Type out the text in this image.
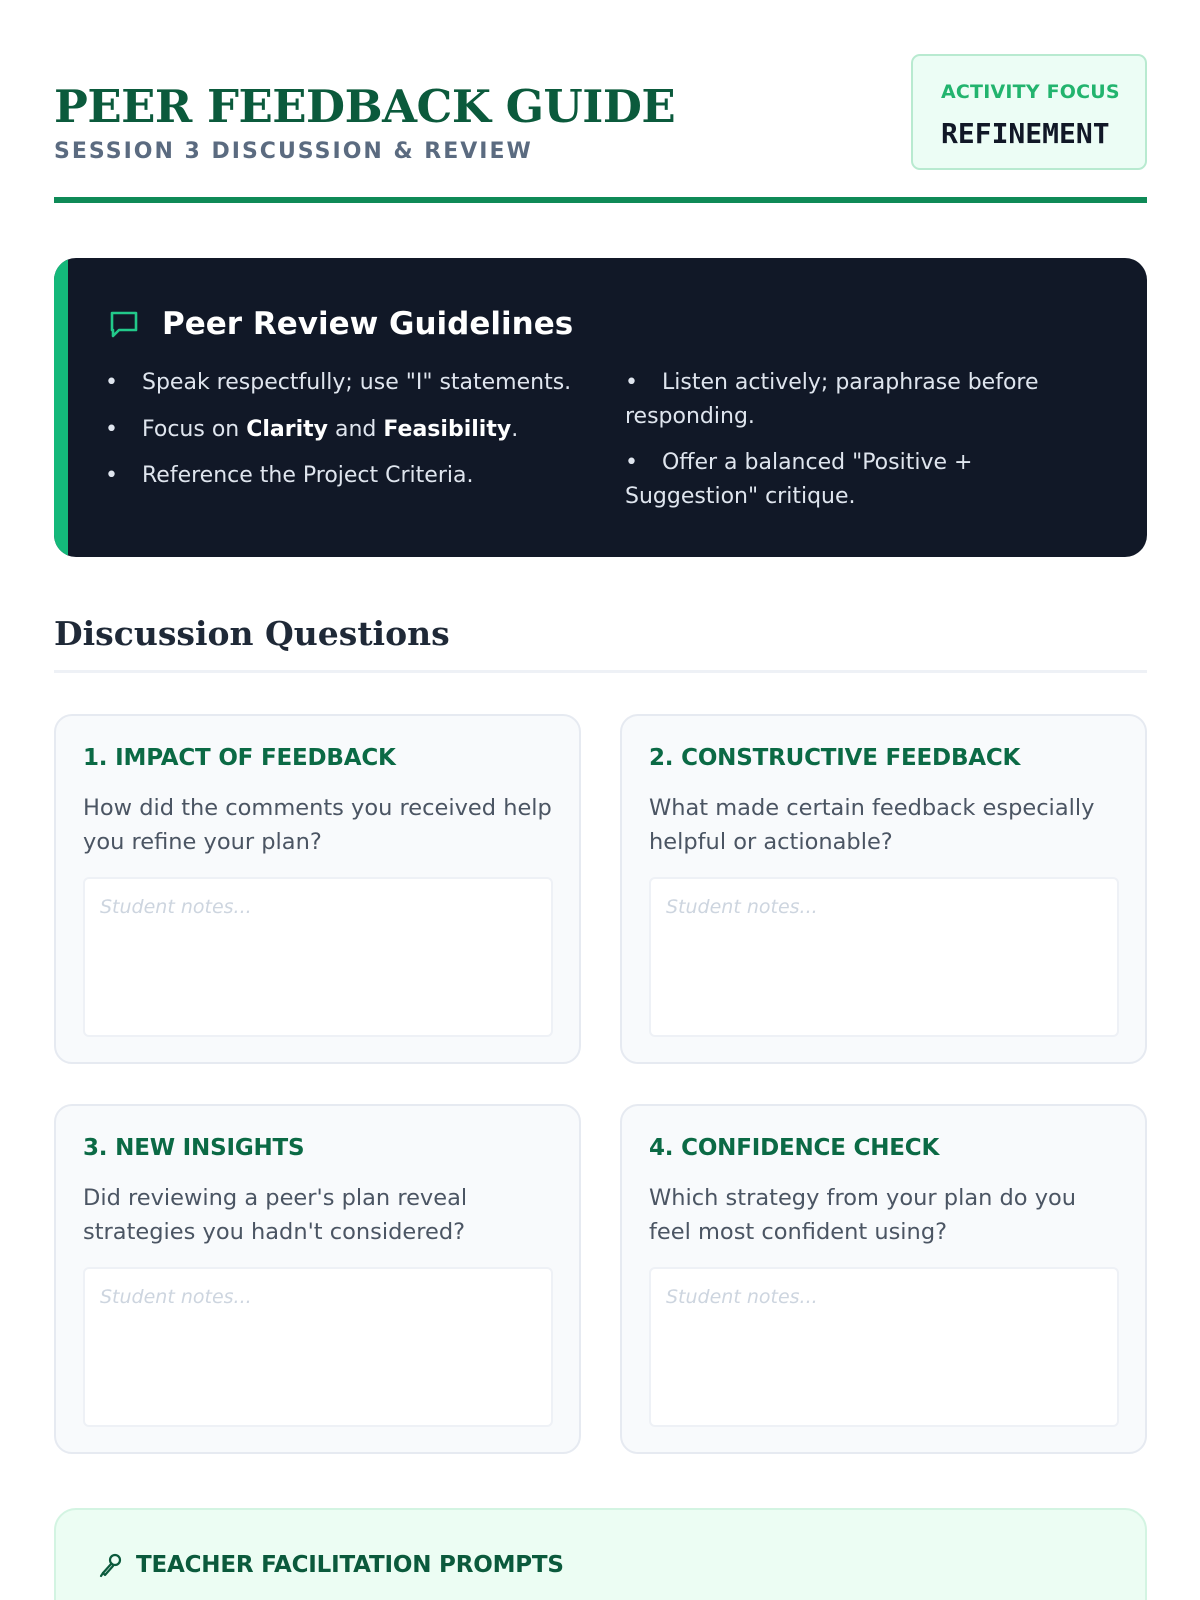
PEER FEEDBACK GUIDE
SESSION 3 DISCUSSION & REVIEW
ACTIVITY FOCUS
REFINEMENT
Peer Review Guidelines
• Speak respectfully; use "I" statements.
• Focus on Clarity and Feasibility.
• Reference the Project Criteria.
• Listen actively; paraphrase before responding.
• Offer a balanced "Positive + Suggestion" critique.
Discussion Questions
1. IMPACT OF FEEDBACK
How did the comments you received help you refine your plan?
Student notes...
2. CONSTRUCTIVE FEEDBACK
What made certain feedback especially helpful or actionable?
Student notes...
3. NEW INSIGHTS
Did reviewing a peer's plan reveal strategies you hadn't considered?
Student notes...
4. CONFIDENCE CHECK
Which strategy from your plan do you feel most confident using?
Student notes...
TEACHER FACILITATION PROMPTS
